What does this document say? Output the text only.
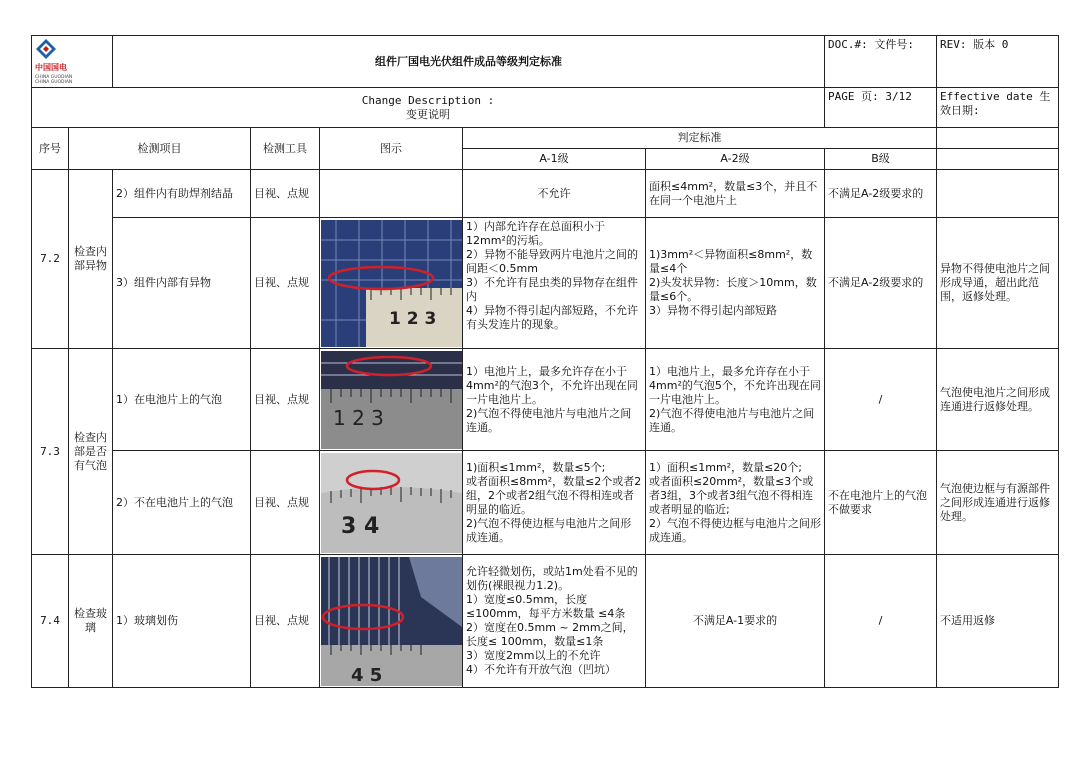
中国国电
CHINA GUODIAN
CHINA GUODIAN		组件厂国电光伏组件成品等级判定标准					DOC.#: 文件号:	REV: 版本 0

Change Description :
变更说明							PAGE 页: 3/12	Effective date 生效日期:
序号	检测项目		检测工具	图示	判定标准			
					A-1级	A-2级	B级	
7.2	检查内部异物	2）组件内有助焊剂结晶	目视、点规		不允许	面积≤4mm²，数量≤3个，并且不在同一个电池片上	不满足A-2级要求的	
		3）组件内部有异物	目视、点规	1 2 3	1）内部允许存在总面积小于12mm²的污垢。
2）异物不能导致两片电池片之间的间距＜0.5mm
3）不允许有昆虫类的异物存在组件内
4）异物不得引起内部短路，不允许有头发连片的现象。	1)3mm²＜异物面积≤8mm²，数量≤4个
2)头发状异物：长度＞10mm，数量≤6个。
3）异物不得引起内部短路	不满足A-2级要求的	异物不得使电池片之间形成导通，超出此范围，返修处理。
7.3	检查内部是否有气泡	1）在电池片上的气泡	目视、点规	1 2 3	1）电池片上，最多允许存在小于4mm²的气泡3个，不允许出现在同一片电池片上。
2)气泡不得使电池片与电池片之间连通。	1）电池片上，最多允许存在小于4mm²的气泡5个，不允许出现在同一片电池片上。
2)气泡不得使电池片与电池片之间连通。	/	气泡使电池片之间形成连通进行返修处理。
		2）不在电池片上的气泡	目视、点规	3 4	1)面积≤1mm²，数量≤5个;
或者面积≤8mm²，数量≤2个或者2组，2个或者2组气泡不得相连或者明显的临近。
2)气泡不得使边框与电池片之间形成连通。	1）面积≤1mm²，数量≤20个;
或者面积≤20mm²，数量≤3个或者3组，3个或者3组气泡不得相连或者明显的临近;
2）气泡不得使边框与电池片之间形成连通。	不在电池片上的气泡不做要求	气泡使边框与有源部件之间形成连通进行返修处理。
7.4	检查玻璃	1）玻璃划伤	目视、点规	4 5	允许轻微划伤，或站1m处看不见的划伤(裸眼视力1.2)。
1）宽度≤0.5mm，长度≤100mm，每平方米数量 ≤4条
2）宽度在0.5mm ~ 2mm之间，长度≤ 100mm，数量≤1条
3）宽度2mm以上的不允许
4）不允许有开放气泡（凹坑）	不满足A-1要求的	/	不适用返修
